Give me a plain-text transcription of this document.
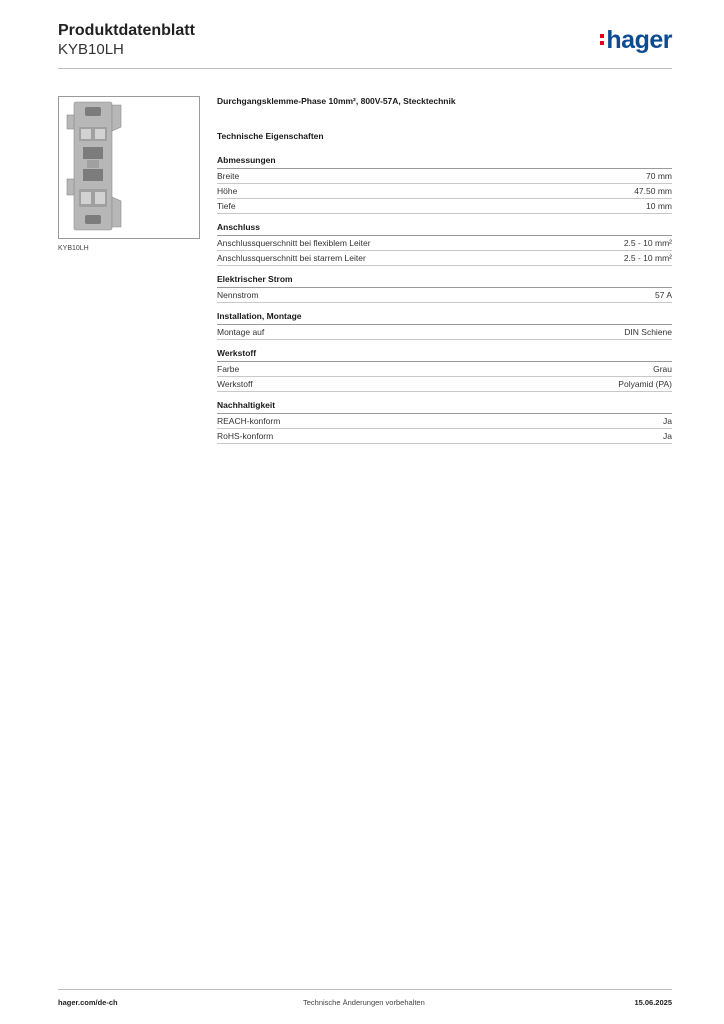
Produktdatenblatt
KYB10LH	hager
KYB10LH
Durchgangsklemme-Phase 10mm², 800V-57A, Stecktechnik
Technische Eigenschaften
Abmessungen
Breite	70 mm
Höhe	47.50 mm
Tiefe	10 mm
Anschluss
Anschlussquerschnitt bei flexiblem Leiter	2.5 - 10 mm²
Anschlussquerschnitt bei starrem Leiter	2.5 - 10 mm²
Elektrischer Strom
Nennstrom	57 A
Installation, Montage
Montage auf	DIN Schiene
Werkstoff
Farbe	Grau
Werkstoff	Polyamid (PA)
Nachhaltigkeit
REACH-konform	Ja
RoHS-konform	Ja
hager.com/de-ch	Technische Änderungen vorbehalten	15.06.2025
